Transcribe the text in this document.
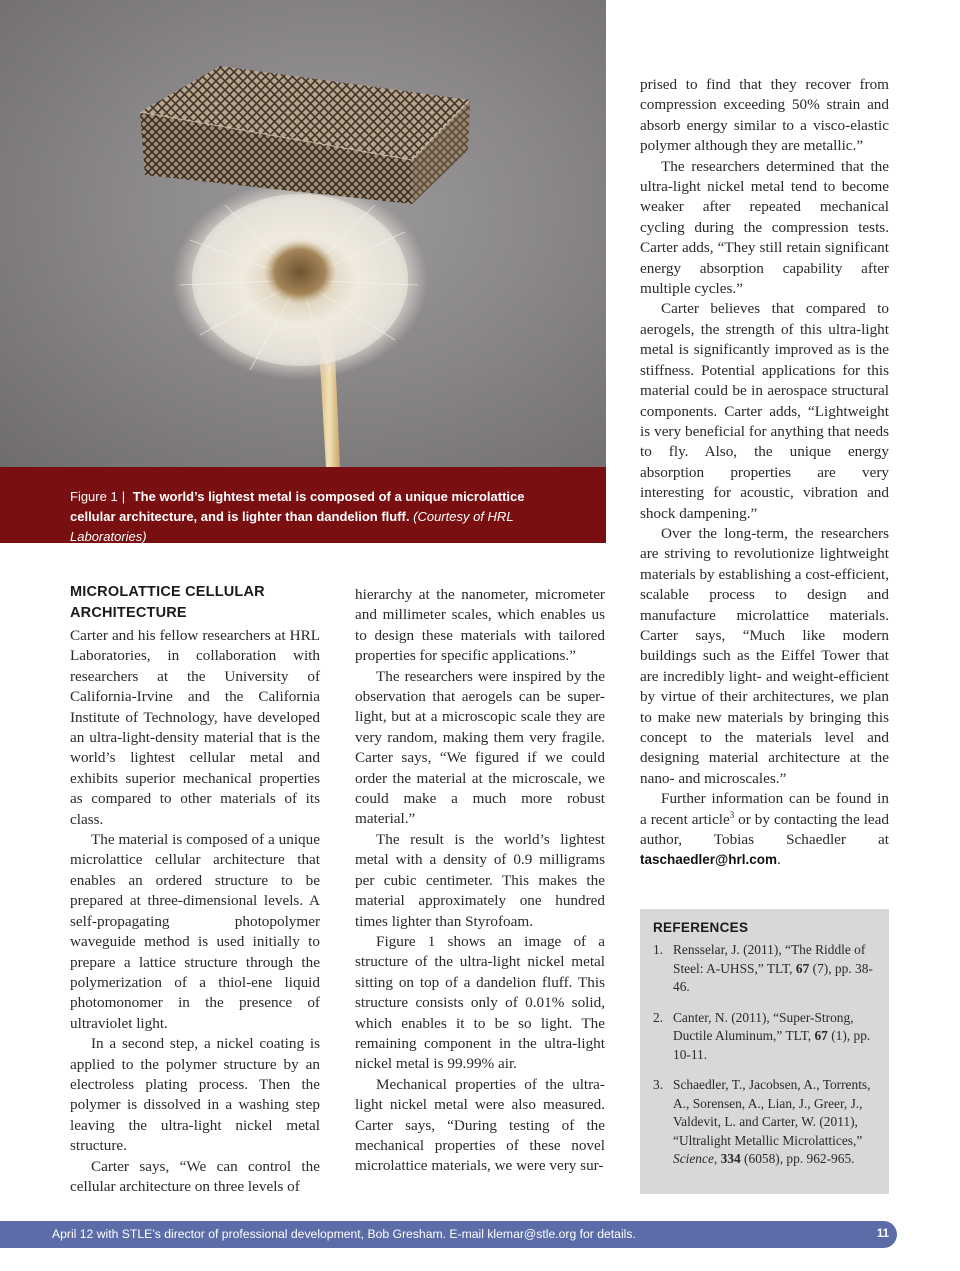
Figure 1 | The world’s lightest metal is composed of a unique microlattice cellular architecture, and is lighter than dandelion fluff. (Courtesy of HRL Laboratories)
MICROLATTICE CELLULAR ARCHITECTURE

Carter and his fellow researchers at HRL Laboratories, in collaboration with researchers at the University of California-Irvine and the California Institute of Technology, have developed an ultra-light-density material that is the world’s lightest cellular metal and exhibits superior mechanical properties as compared to other materials of its class.

The material is composed of a unique microlattice cellular architecture that enables an ordered structure to be prepared at three-dimensional levels. A self-propagating photopolymer waveguide method is used initially to prepare a lattice structure through the polymerization of a thiol-ene liquid photomonomer in the presence of ultraviolet light.

In a second step, a nickel coating is applied to the polymer structure by an electroless plating process. Then the polymer is dissolved in a washing step leaving the ultra-light nickel metal structure.

Carter says, “We can control the cellular architecture on three levels of

hierarchy at the nanometer, micrometer and millimeter scales, which enables us to design these materials with tailored properties for specific applications.”

The researchers were inspired by the observation that aerogels can be super-light, but at a microscopic scale they are very random, making them very fragile. Carter says, “We figured if we could order the material at the microscale, we could make a much more robust material.”

The result is the world’s lightest metal with a density of 0.9 milligrams per cubic centimeter. This makes the material approximately one hundred times lighter than Styrofoam.

Figure 1 shows an image of a structure of the ultra-light nickel metal sitting on top of a dandelion fluff. This structure consists only of 0.01% solid, which enables it to be so light. The remaining component in the ultra-light nickel metal is 99.99% air.

Mechanical properties of the ultra-light nickel metal were also measured. Carter says, “During testing of the mechanical properties of these novel microlattice materials, we were very sur-

prised to find that they recover from compression exceeding 50% strain and absorb energy similar to a visco-elastic polymer although they are metallic.”

The researchers determined that the ultra-light nickel metal tend to become weaker after repeated mechanical cycling during the compression tests. Carter adds, “They still retain significant energy absorption capability after multiple cycles.”

Carter believes that compared to aerogels, the strength of this ultra-light metal is significantly improved as is the stiffness. Potential applications for this material could be in aerospace structural components. Carter adds, “Lightweight is very beneficial for anything that needs to fly. Also, the unique energy absorption properties are very interesting for acoustic, vibration and shock dampening.”

Over the long-term, the researchers are striving to revolutionize lightweight materials by establishing a cost-efficient, scalable process to design and manufacture microlattice materials. Carter says, “Much like modern buildings such as the Eiffel Tower that are incredibly light- and weight-efficient by virtue of their architectures, we plan to make new materials by bringing this concept to the materials level and designing material architecture at the nano- and microscales.”

Further information can be found in a recent article$^3$ or by contacting the lead author, Tobias Schaedler at taschaedler@hrl.com.

REFERENCES
1. Rensselar, J. (2011), “The Riddle of Steel: A-UHSS,” TLT, 67 (7), pp. 38-46.
2. Canter, N. (2011), “Super-Strong, Ductile Aluminum,” TLT, 67 (1), pp. 10-11.
3. Schaedler, T., Jacobsen, A., Torrents, A., Sorensen, A., Lian, J., Greer, J., Valdevit, L. and Carter, W. (2011), “Ultralight Metallic Microlattices,” Science, 334 (6058), pp. 962-965.
April 12 with STLE’s director of professional development, Bob Gresham. E-mail klemar@stle.org for details.	11
